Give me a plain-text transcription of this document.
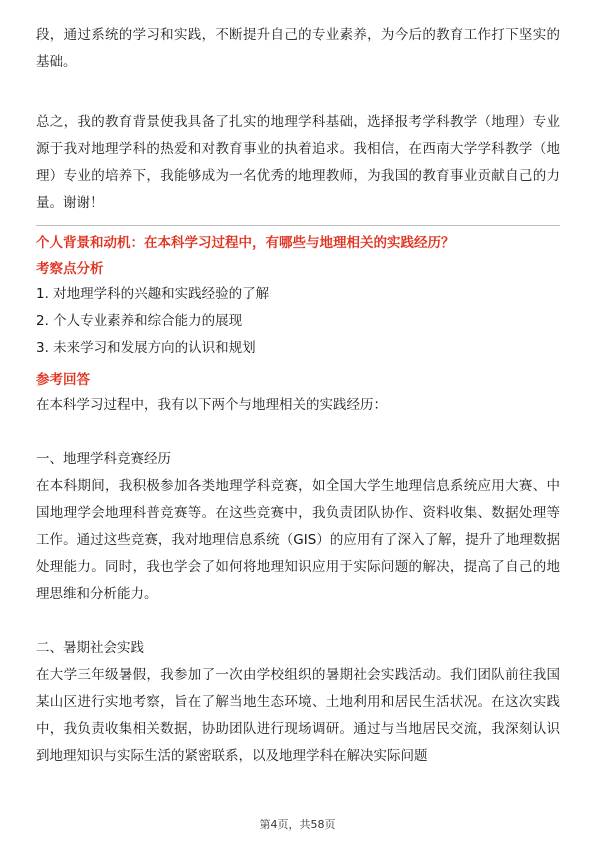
段，通过系统的学习和实践，不断提升自己的专业素养，为今后的教育工作打下坚实的基础。

总之，我的教育背景使我具备了扎实的地理学科基础，选择报考学科教学（地理）专业源于我对地理学科的热爱和对教育事业的执着追求。我相信，在西南大学学科教学（地理）专业的培养下，我能够成为一名优秀的地理教师，为我国的教育事业贡献自己的力量。谢谢！

个人背景和动机：在本科学习过程中，有哪些与地理相关的实践经历？
考察点分析
1. 对地理学科的兴趣和实践经验的了解
2. 个人专业素养和综合能力的展现
3. 未来学习和发展方向的认识和规划
参考回答

在本科学习过程中，我有以下两个与地理相关的实践经历：

一、地理学科竞赛经历

在本科期间，我积极参加各类地理学科竞赛，如全国大学生地理信息系统应用大赛、中国地理学会地理科普竞赛等。在这些竞赛中，我负责团队协作、资料收集、数据处理等工作。通过这些竞赛，我对地理信息系统（GIS）的应用有了深入了解，提升了地理数据处理能力。同时，我也学会了如何将地理知识应用于实际问题的解决，提高了自己的地理思维和分析能力。

二、暑期社会实践

在大学三年级暑假，我参加了一次由学校组织的暑期社会实践活动。我们团队前往我国某山区进行实地考察，旨在了解当地生态环境、土地利用和居民生活状况。在这次实践中，我负责收集相关数据，协助团队进行现场调研。通过与当地居民交流，我深刻认识到地理知识与实际生活的紧密联系，以及地理学科在解决实际问题

第4页，共58页
